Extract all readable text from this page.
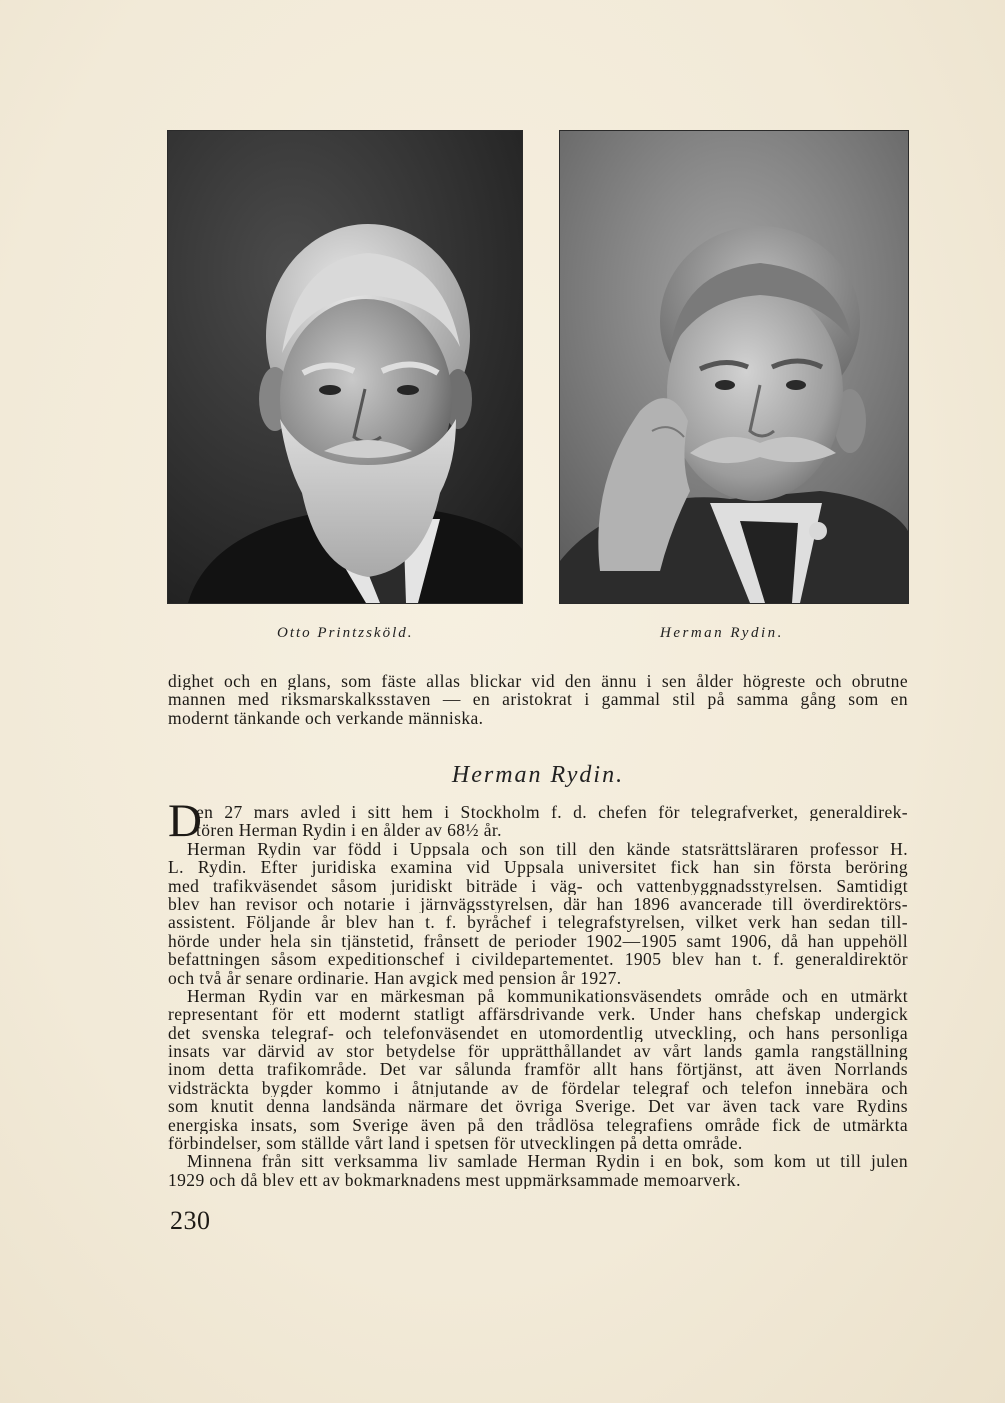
Otto Printzsköld.	Herman Rydin.
dighet och en glans, som fäste allas blickar vid den ännu i sen ålder högreste och obrutne
mannen med riksmarskalksstaven — en aristokrat i gammal stil på samma gång som en
modernt tänkande och verkande människa.
Herman Rydin.
D
en 27 mars avled i sitt hem i Stockholm f. d. chefen för telegrafverket, generaldirek-
tören Herman Rydin i en ålder av 68½ år.
Herman Rydin var född i Uppsala och son till den kände statsrättsläraren professor H.
L. Rydin. Efter juridiska examina vid Uppsala universitet fick han sin första beröring
med trafikväsendet såsom juridiskt biträde i väg- och vattenbyggnadsstyrelsen. Samtidigt
blev han revisor och notarie i järnvägsstyrelsen, där han 1896 avancerade till överdirektörs-
assistent. Följande år blev han t. f. byråchef i telegrafstyrelsen, vilket verk han sedan till-
hörde under hela sin tjänstetid, frånsett de perioder 1902—1905 samt 1906, då han uppehöll
befattningen såsom expeditionschef i civildepartementet. 1905 blev han t. f. generaldirektör
och två år senare ordinarie. Han avgick med pension år 1927.
Herman Rydin var en märkesman på kommunikationsväsendets område och en utmärkt
representant för ett modernt statligt affärsdrivande verk. Under hans chefskap undergick
det svenska telegraf- och telefonväsendet en utomordentlig utveckling, och hans personliga
insats var därvid av stor betydelse för upprätthållandet av vårt lands gamla rangställning
inom detta trafikområde. Det var sålunda framför allt hans förtjänst, att även Norrlands
vidsträckta bygder kommo i åtnjutande av de fördelar telegraf och telefon innebära och
som knutit denna landsända närmare det övriga Sverige. Det var även tack vare Rydins
energiska insats, som Sverige även på den trådlösa telegrafiens område fick de utmärkta
förbindelser, som ställde vårt land i spetsen för utvecklingen på detta område.
Minnena från sitt verksamma liv samlade Herman Rydin i en bok, som kom ut till julen
1929 och då blev ett av bokmarknadens mest uppmärksammade memoarverk.
230
